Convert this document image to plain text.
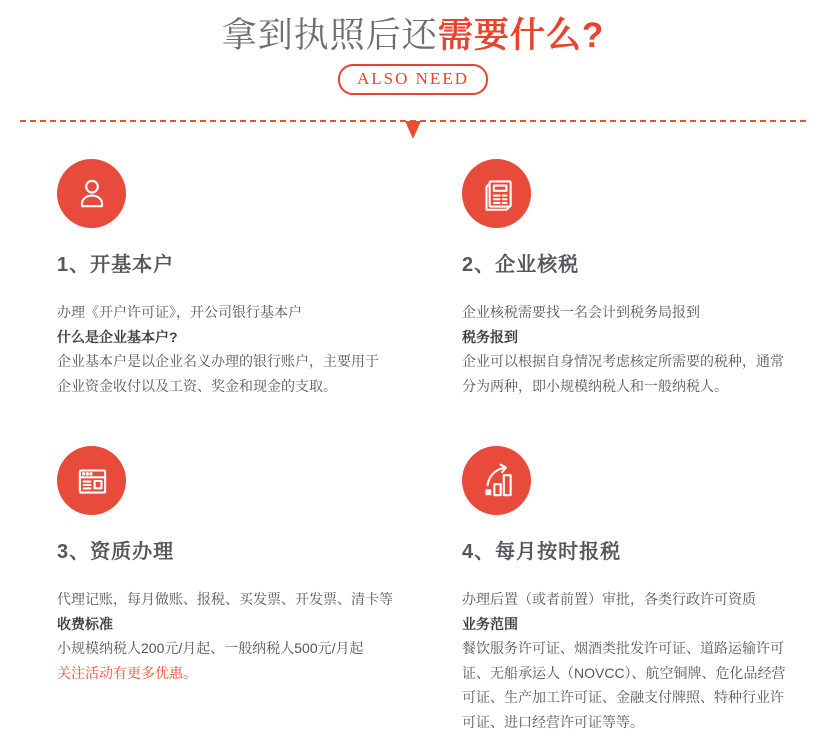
拿到执照后还需要什么?
ALSO NEED
1、开基本户
办理《开户许可证》，开公司银行基本户
什么是企业基本户?
企业基本户是以企业名义办理的银行账户，主要用于
企业资金收付以及工资、奖金和现金的支取。
2、企业核税
企业核税需要找一名会计到税务局报到
税务报到
企业可以根据自身情况考虑核定所需要的税种，通常
分为两种，即小规模纳税人和一般纳税人。
3、资质办理
代理记账，每月做账、报税、买发票、开发票、清卡等
收费标准
小规模纳税人200元/月起、一般纳税人500元/月起
关注活动有更多优惠。
4、每月按时报税
办理后置（或者前置）审批，各类行政许可资质
业务范围
餐饮服务许可证、烟酒类批发许可证、道路运输许可
证、无船承运人（NOVCC）、航空铜牌、危化品经营
可证、生产加工许可证、金融支付牌照、特种行业许
可证、进口经营许可证等等。
